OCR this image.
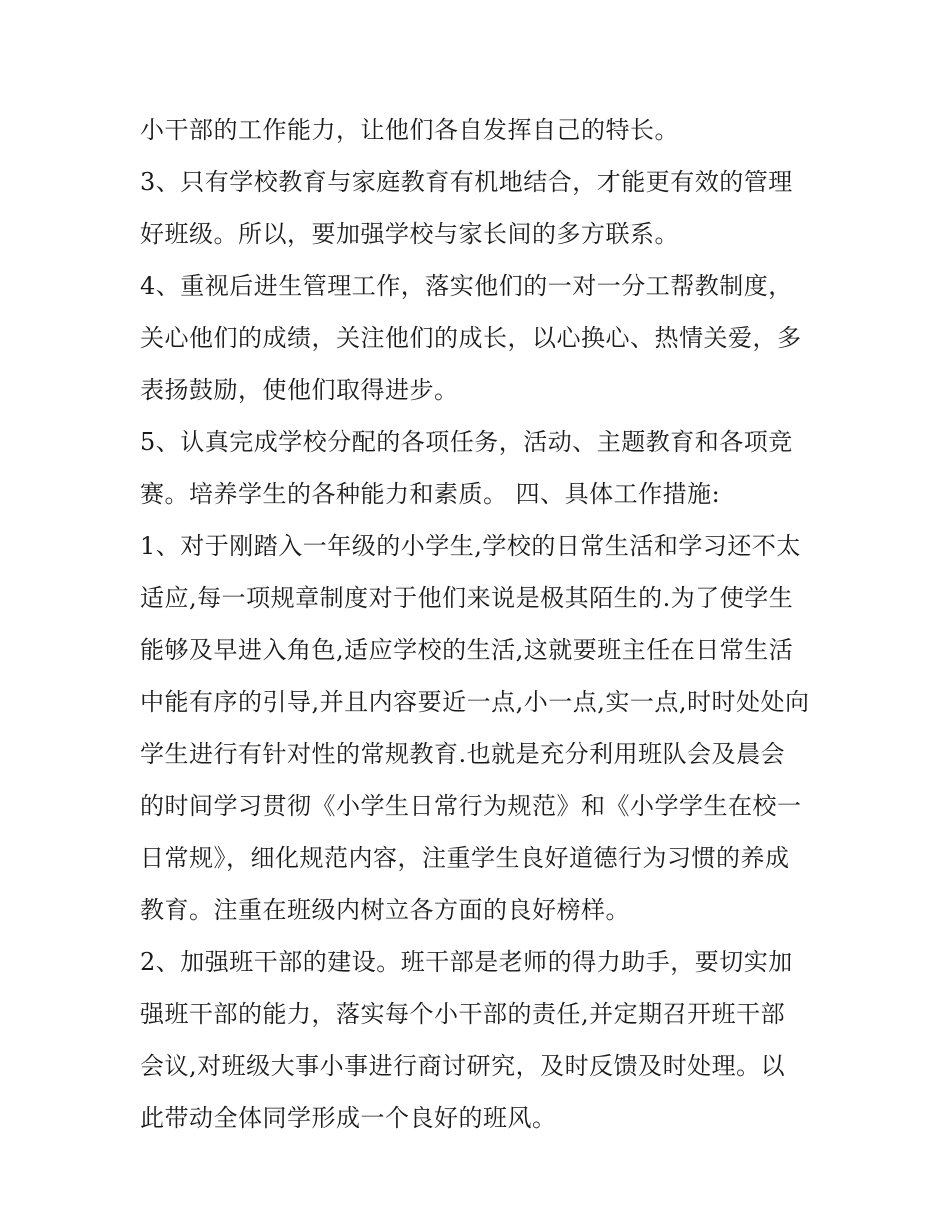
小干部的工作能力，让他们各自发挥自己的特长。
3、只有学校教育与家庭教育有机地结合，才能更有效的管理
好班级。所以，要加强学校与家长间的多方联系。
4、重视后进生管理工作，落实他们的一对一分工帮教制度，
关心他们的成绩，关注他们的成长，以心换心、热情关爱，多
表扬鼓励，使他们取得进步。
5、认真完成学校分配的各项任务，活动、主题教育和各项竞
赛。培养学生的各种能力和素质。 四、具体工作措施:
1、对于刚踏入一年级的小学生,学校的日常生活和学习还不太
适应,每一项规章制度对于他们来说是极其陌生的.为了使学生
能够及早进入角色,适应学校的生活,这就要班主任在日常生活
中能有序的引导,并且内容要近一点,小一点,实一点,时时处处向
学生进行有针对性的常规教育.也就是充分利用班队会及晨会
的时间学习贯彻《小学生日常行为规范》和《小学学生在校一
日常规》，细化规范内容，注重学生良好道德行为习惯的养成
教育。注重在班级内树立各方面的良好榜样。
2、加强班干部的建设。班干部是老师的得力助手，要切实加
强班干部的能力，落实每个小干部的责任,并定期召开班干部
会议,对班级大事小事进行商讨研究，及时反馈及时处理。以
此带动全体同学形成一个良好的班风。
